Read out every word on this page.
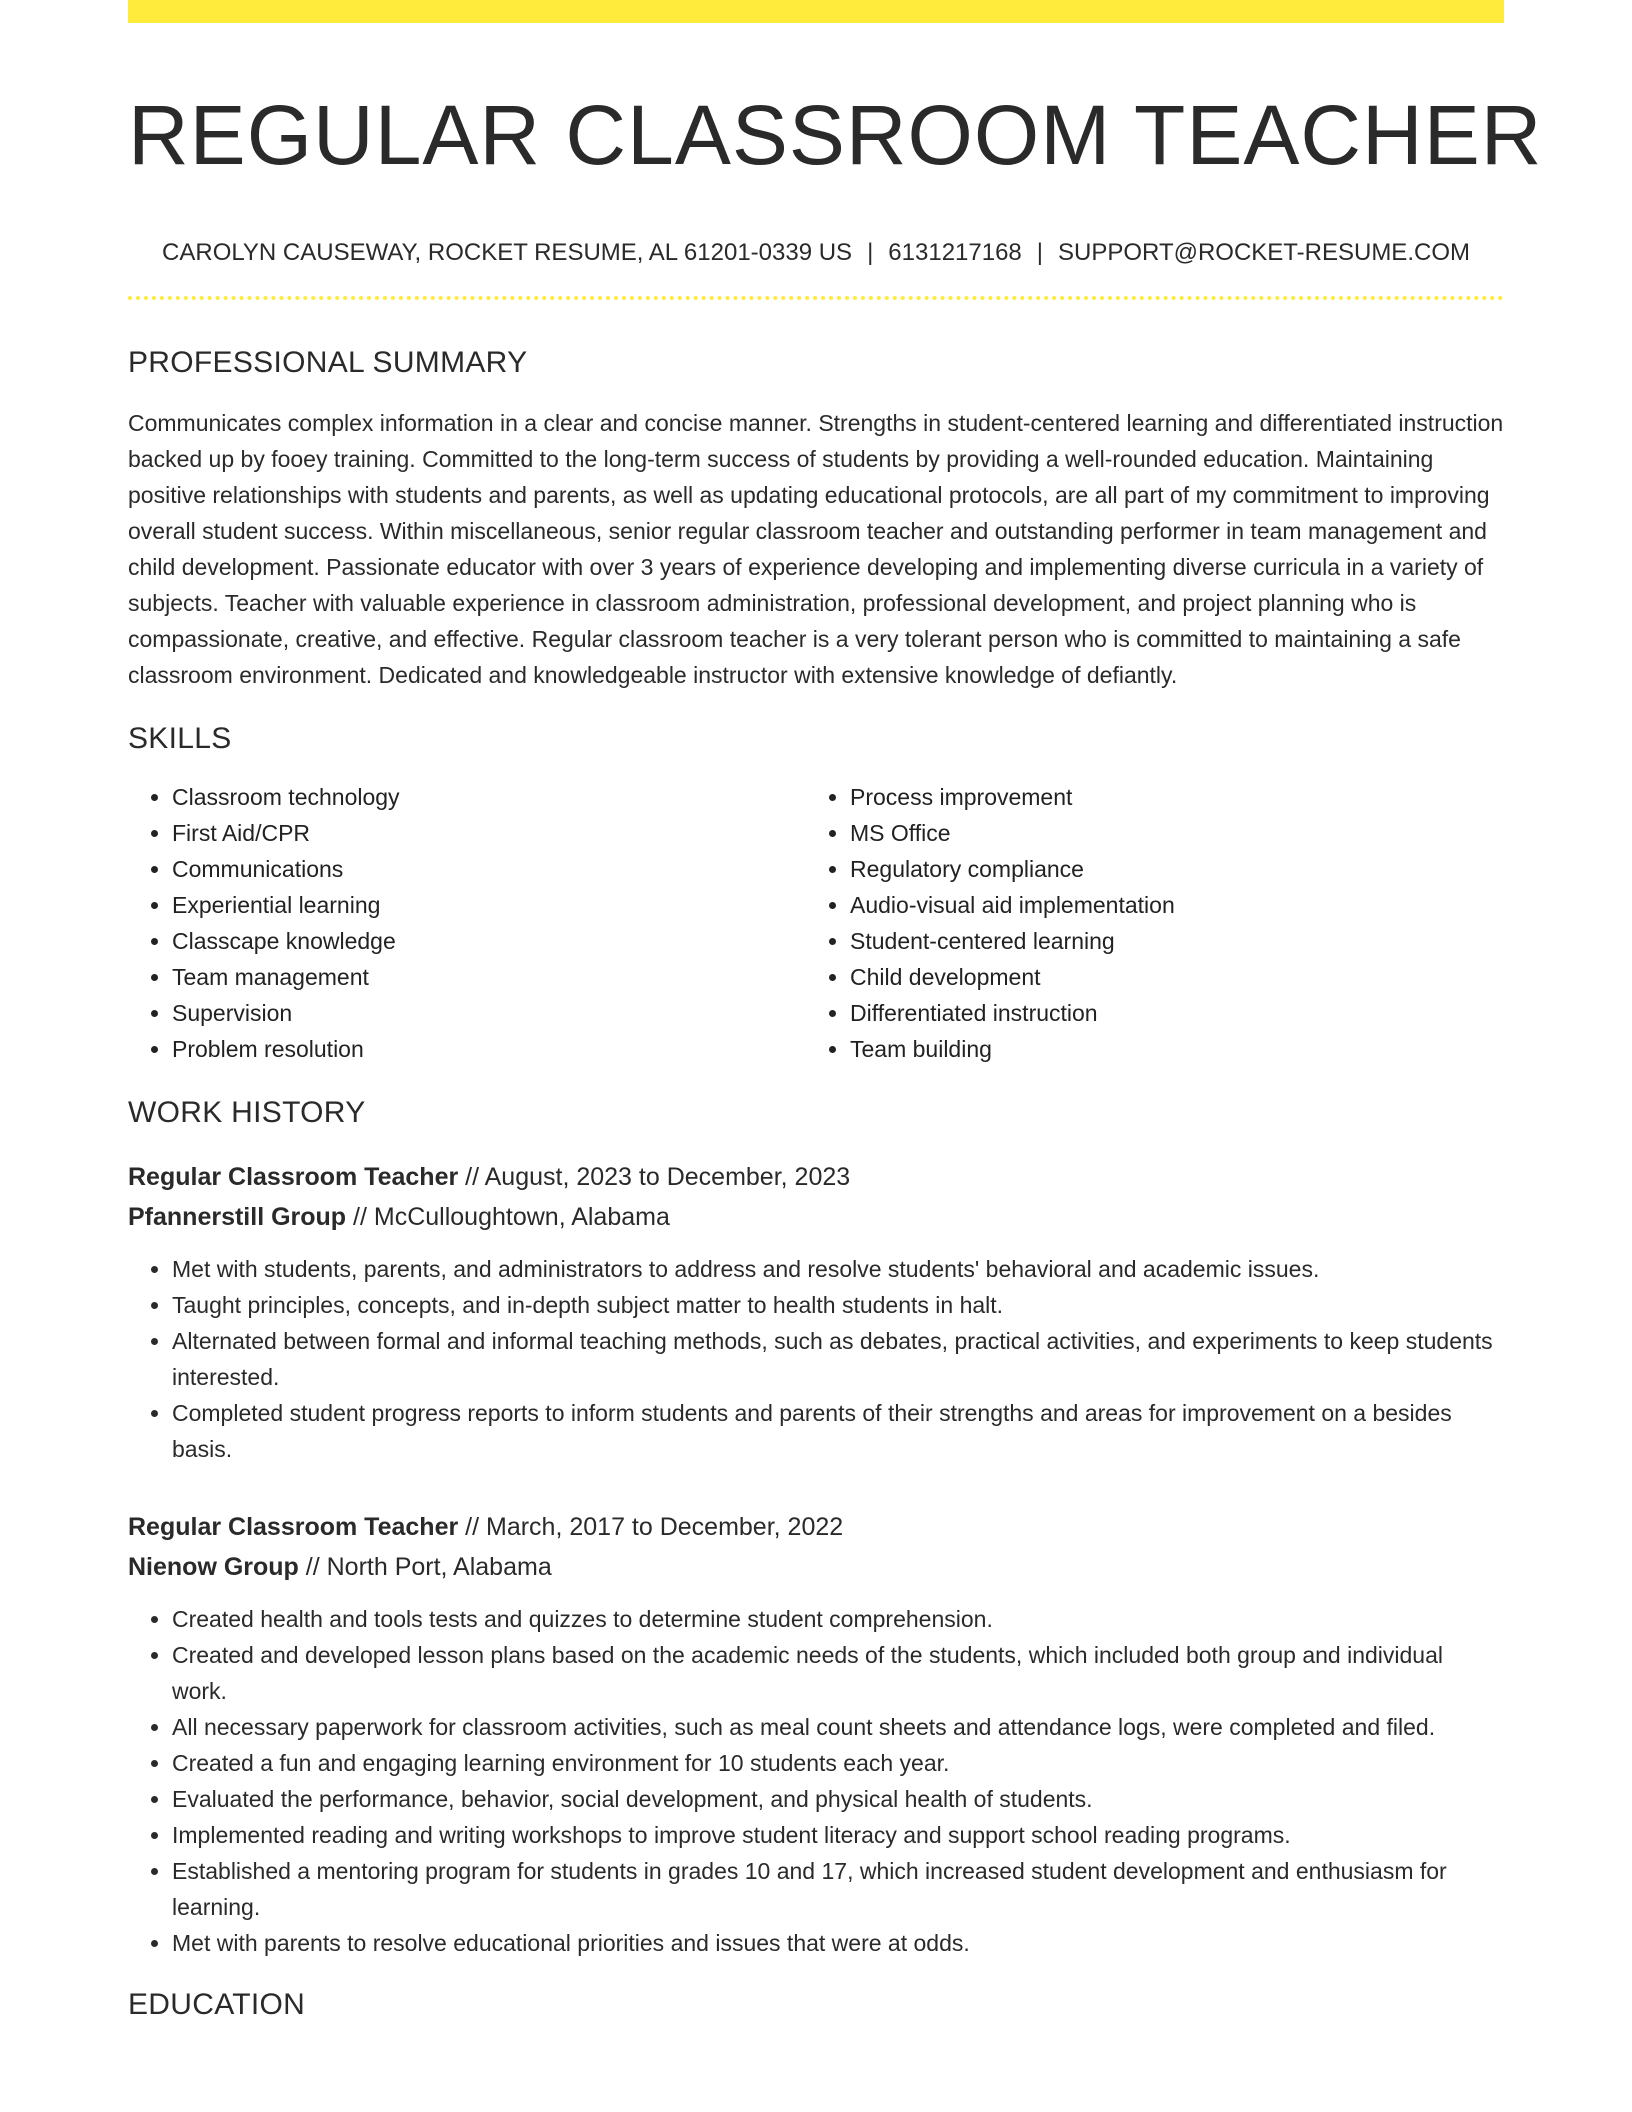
REGULAR CLASSROOM TEACHER
CAROLYN CAUSEWAY, ROCKET RESUME, AL 61201-0339 US | 6131217168 | SUPPORT@ROCKET-RESUME.COM
PROFESSIONAL SUMMARY
Communicates complex information in a clear and concise manner. Strengths in student-centered learning and differentiated instruction backed up by fooey training. Committed to the long-term success of students by providing a well-rounded education. Maintaining positive relationships with students and parents, as well as updating educational protocols, are all part of my commitment to improving overall student success. Within miscellaneous, senior regular classroom teacher and outstanding performer in team management and child development. Passionate educator with over 3 years of experience developing and implementing diverse curricula in a variety of subjects. Teacher with valuable experience in classroom administration, professional development, and project planning who is compassionate, creative, and effective. Regular classroom teacher is a very tolerant person who is committed to maintaining a safe classroom environment. Dedicated and knowledgeable instructor with extensive knowledge of defiantly.
SKILLS
• Classroom technology
• First Aid/CPR
• Communications
• Experiential learning
• Classcape knowledge
• Team management
• Supervision
• Problem resolution
• Process improvement
• MS Office
• Regulatory compliance
• Audio-visual aid implementation
• Student-centered learning
• Child development
• Differentiated instruction
• Team building
WORK HISTORY
Regular Classroom Teacher // August, 2023 to December, 2023
Pfannerstill Group // McCulloughtown, Alabama
• Met with students, parents, and administrators to address and resolve students' behavioral and academic issues.
• Taught principles, concepts, and in-depth subject matter to health students in halt.
• Alternated between formal and informal teaching methods, such as debates, practical activities, and experiments to keep students interested.
• Completed student progress reports to inform students and parents of their strengths and areas for improvement on a besides basis.
Regular Classroom Teacher // March, 2017 to December, 2022
Nienow Group // North Port, Alabama
• Created health and tools tests and quizzes to determine student comprehension.
• Created and developed lesson plans based on the academic needs of the students, which included both group and individual work.
• All necessary paperwork for classroom activities, such as meal count sheets and attendance logs, were completed and filed.
• Created a fun and engaging learning environment for 10 students each year.
• Evaluated the performance, behavior, social development, and physical health of students.
• Implemented reading and writing workshops to improve student literacy and support school reading programs.
• Established a mentoring program for students in grades 10 and 17, which increased student development and enthusiasm for learning.
• Met with parents to resolve educational priorities and issues that were at odds.
EDUCATION
